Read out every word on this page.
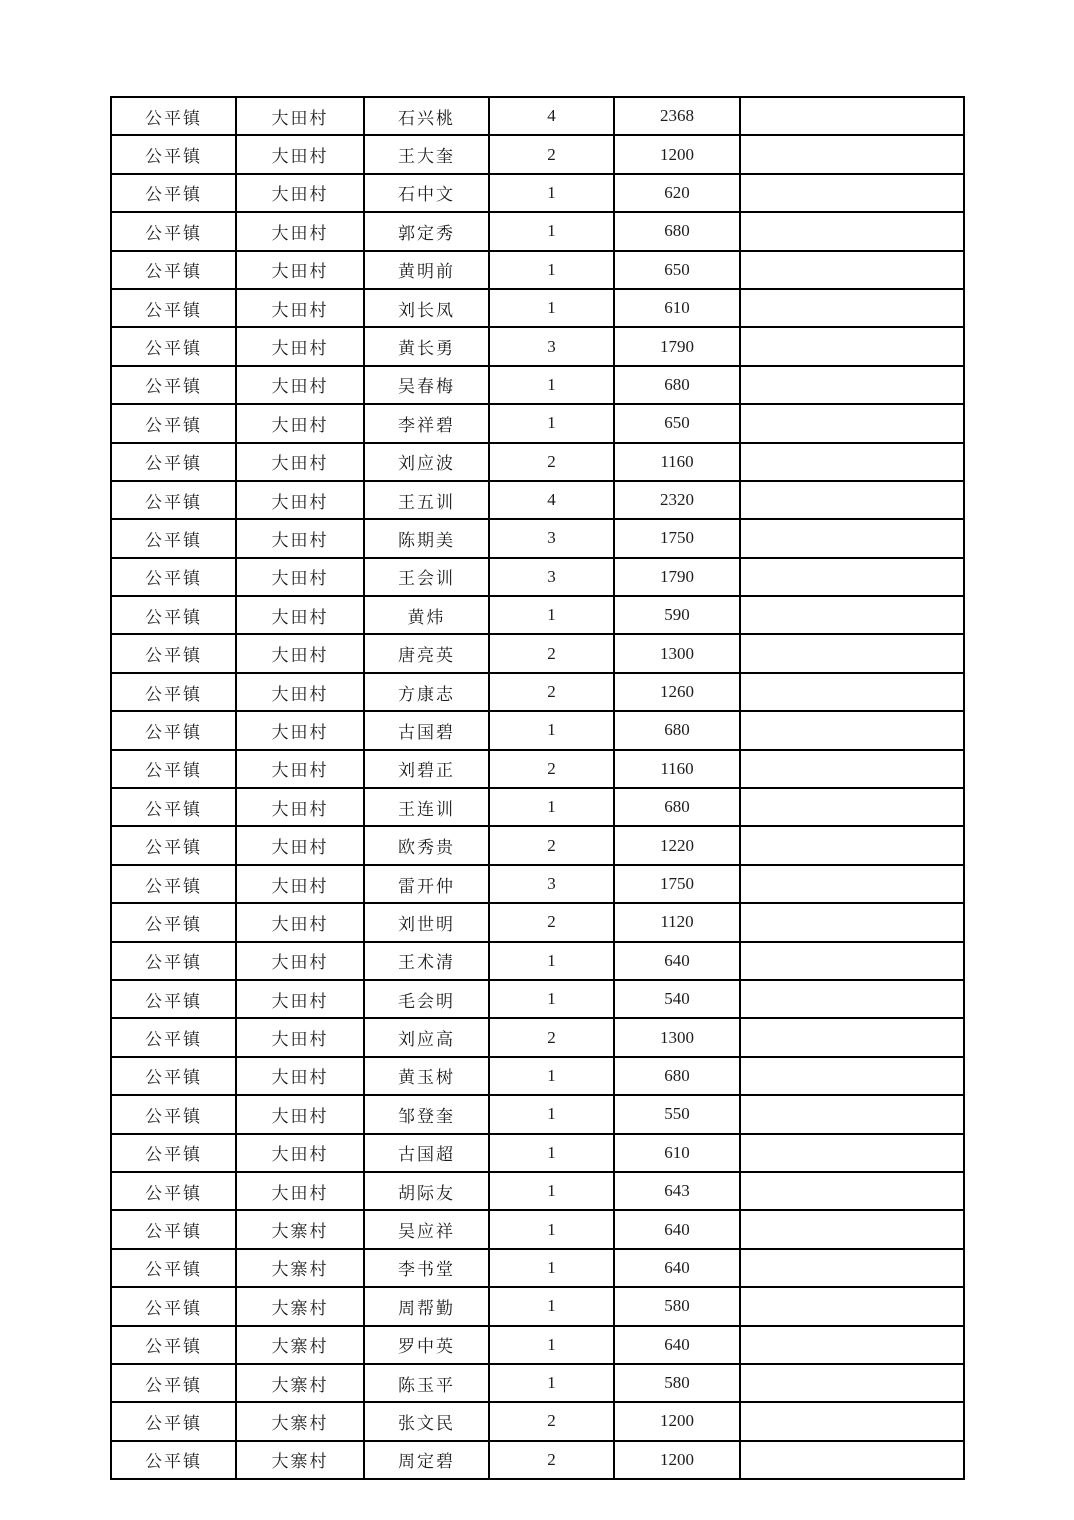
公平镇	大田村	石兴桃	4	2368	
公平镇	大田村	王大奎	2	1200	
公平镇	大田村	石中文	1	620	
公平镇	大田村	郭定秀	1	680	
公平镇	大田村	黄明前	1	650	
公平镇	大田村	刘长凤	1	610	
公平镇	大田村	黄长勇	3	1790	
公平镇	大田村	吴春梅	1	680	
公平镇	大田村	李祥碧	1	650	
公平镇	大田村	刘应波	2	1160	
公平镇	大田村	王五训	4	2320	
公平镇	大田村	陈期美	3	1750	
公平镇	大田村	王会训	3	1790	
公平镇	大田村	黄炜	1	590	
公平镇	大田村	唐亮英	2	1300	
公平镇	大田村	方康志	2	1260	
公平镇	大田村	古国碧	1	680	
公平镇	大田村	刘碧正	2	1160	
公平镇	大田村	王连训	1	680	
公平镇	大田村	欧秀贵	2	1220	
公平镇	大田村	雷开仲	3	1750	
公平镇	大田村	刘世明	2	1120	
公平镇	大田村	王术清	1	640	
公平镇	大田村	毛会明	1	540	
公平镇	大田村	刘应高	2	1300	
公平镇	大田村	黄玉树	1	680	
公平镇	大田村	邹登奎	1	550	
公平镇	大田村	古国超	1	610	
公平镇	大田村	胡际友	1	643	
公平镇	大寨村	吴应祥	1	640	
公平镇	大寨村	李书堂	1	640	
公平镇	大寨村	周帮勤	1	580	
公平镇	大寨村	罗中英	1	640	
公平镇	大寨村	陈玉平	1	580	
公平镇	大寨村	张文民	2	1200	
公平镇	大寨村	周定碧	2	1200	
